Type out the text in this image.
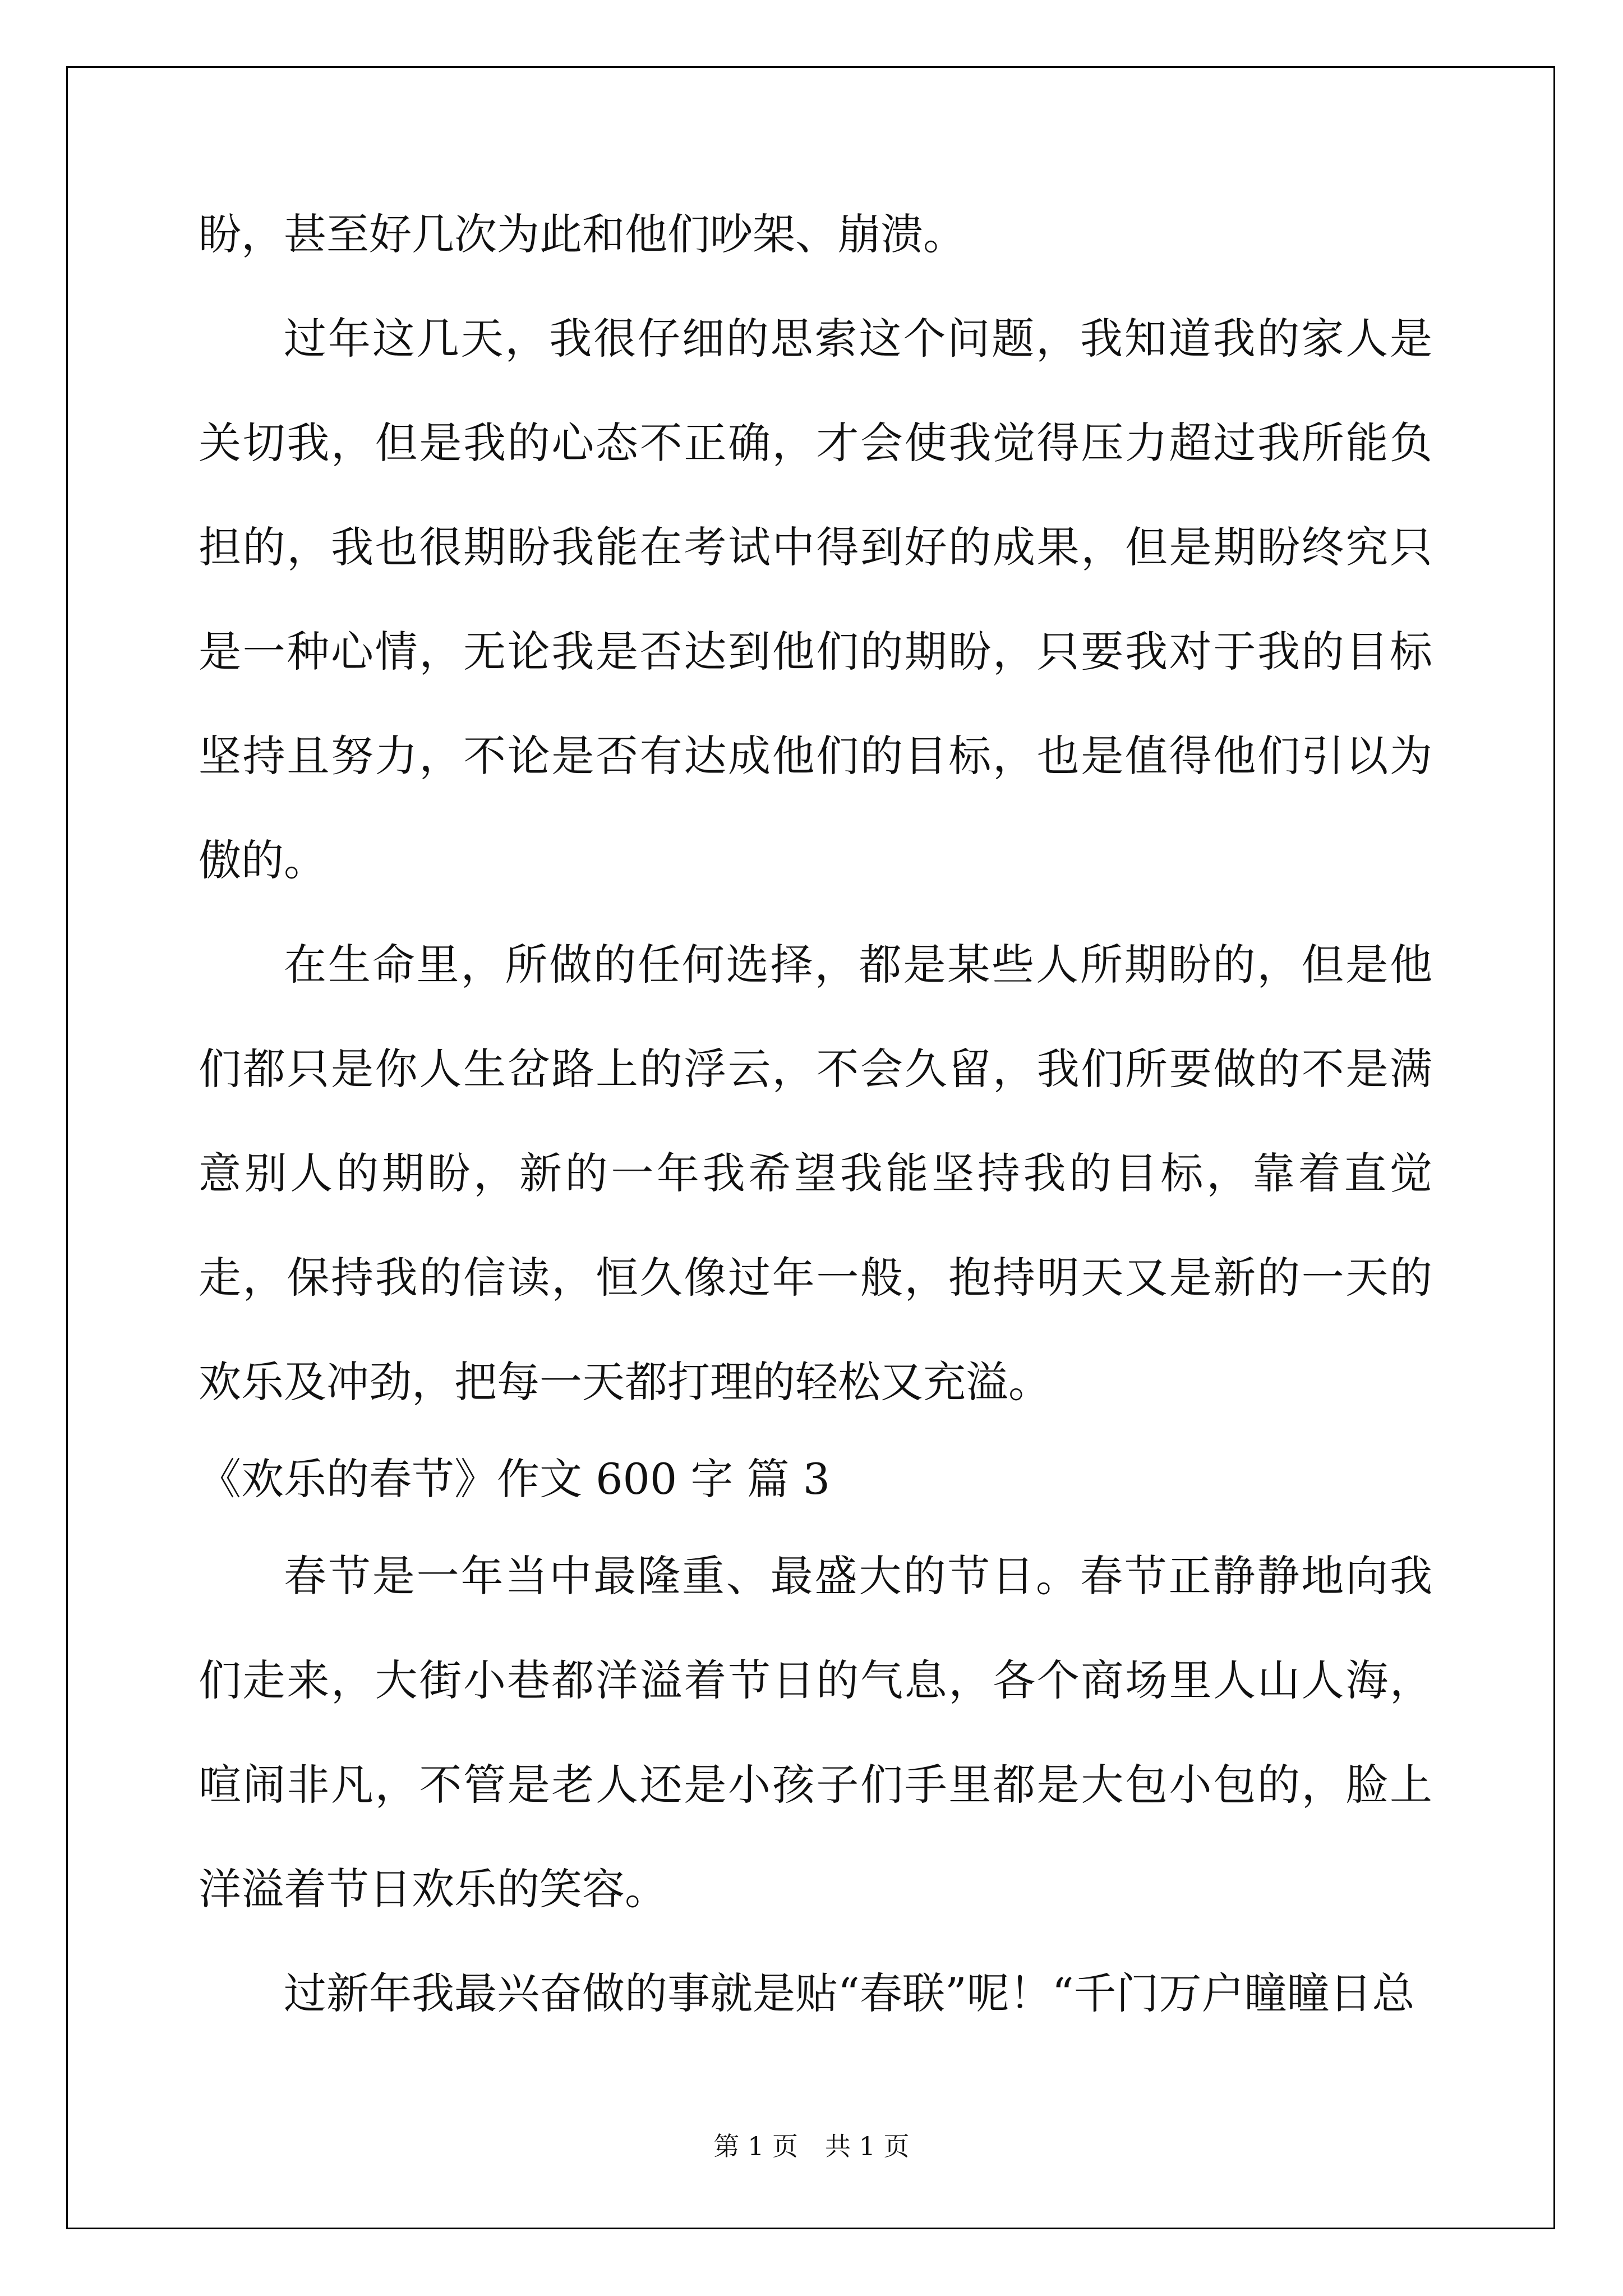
盼，甚至好几次为此和他们吵架、崩溃。

过年这几天，我很仔细的思索这个问题，我知道我的家人是关切我，但是我的心态不正确，才会使我觉得压力超过我所能负担的，我也很期盼我能在考试中得到好的成果，但是期盼终究只是一种心情，无论我是否达到他们的期盼，只要我对于我的目标坚持且努力，不论是否有达成他们的目标，也是值得他们引以为傲的。

在生命里，所做的任何选择，都是某些人所期盼的，但是他们都只是你人生岔路上的浮云，不会久留，我们所要做的不是满意别人的期盼，新的一年我希望我能坚持我的目标，靠着直觉走，保持我的信读，恒久像过年一般，抱持明天又是新的一天的欢乐及冲劲，把每一天都打理的轻松又充溢。

《欢乐的春节》作文 600 字 篇 3

春节是一年当中最隆重、最盛大的节日。春节正静静地向我们走来，大街小巷都洋溢着节日的气息，各个商场里人山人海，喧闹非凡，不管是老人还是小孩子们手里都是大包小包的，脸上洋溢着节日欢乐的笑容。

过新年我最兴奋做的事就是贴“春联”呢！“千门万户瞳瞳日总

第 1 页 共 1 页
